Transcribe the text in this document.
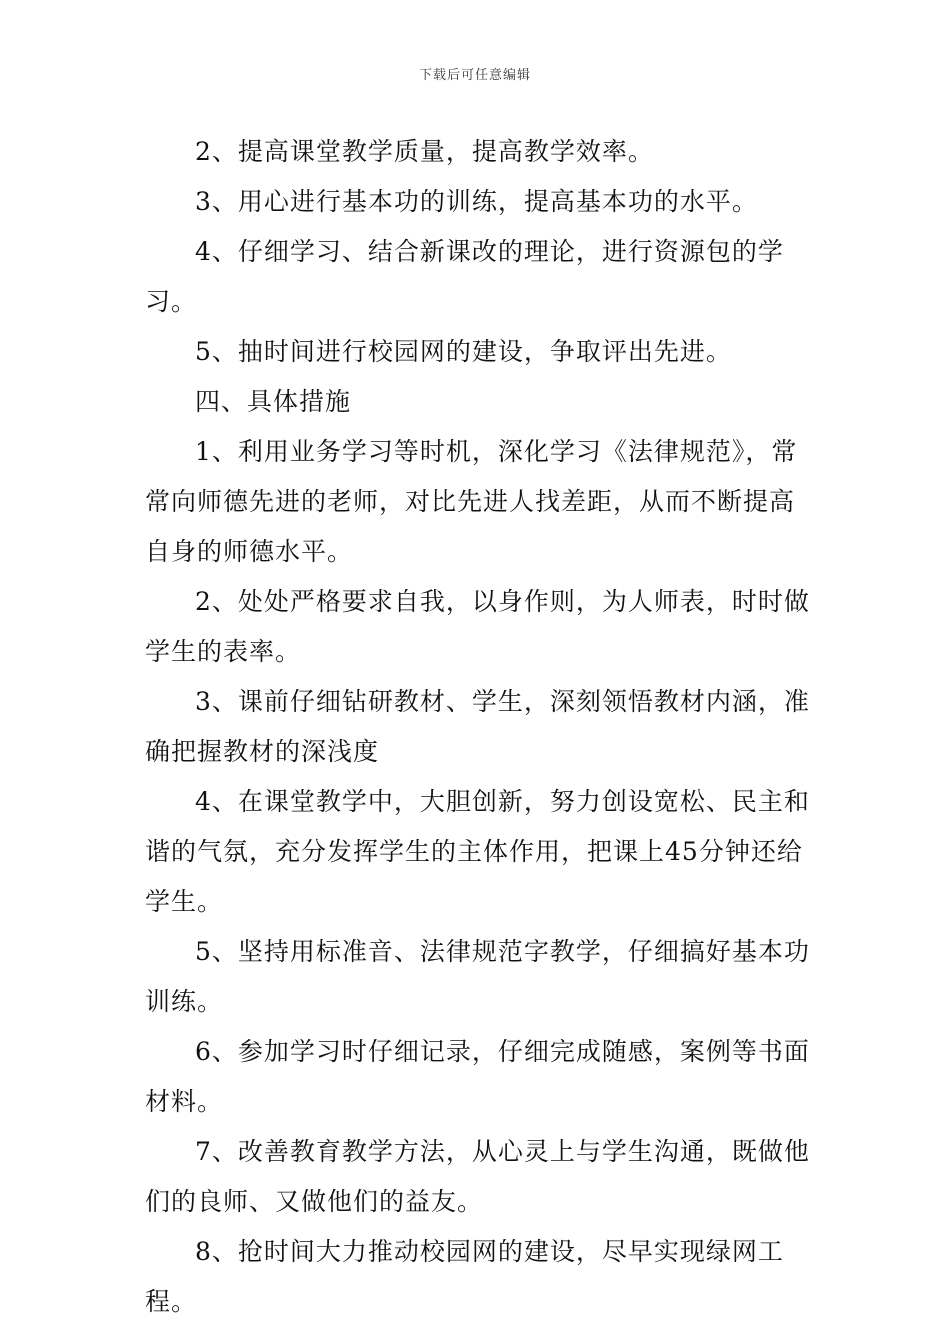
下载后可任意编辑

2、提高课堂教学质量，提高教学效率。

3、用心进行基本功的训练，提高基本功的水平。

4、仔细学习、结合新课改的理论，进行资源包的学习。

5、抽时间进行校园网的建设，争取评出先进。

四、具体措施

1、利用业务学习等时机，深化学习《法律规范》，常常向师德先进的老师，对比先进人找差距，从而不断提高自身的师德水平。

2、处处严格要求自我，以身作则，为人师表，时时做学生的表率。

3、课前仔细钻研教材、学生，深刻领悟教材内涵，准确把握教材的深浅度

4、在课堂教学中，大胆创新，努力创设宽松、民主和谐的气氛，充分发挥学生的主体作用，把课上45分钟还给学生。

5、坚持用标准音、法律规范字教学，仔细搞好基本功训练。

6、参加学习时仔细记录，仔细完成随感，案例等书面材料。

7、改善教育教学方法，从心灵上与学生沟通，既做他们的良师、又做他们的益友。

8、抢时间大力推动校园网的建设，尽早实现绿网工程。
